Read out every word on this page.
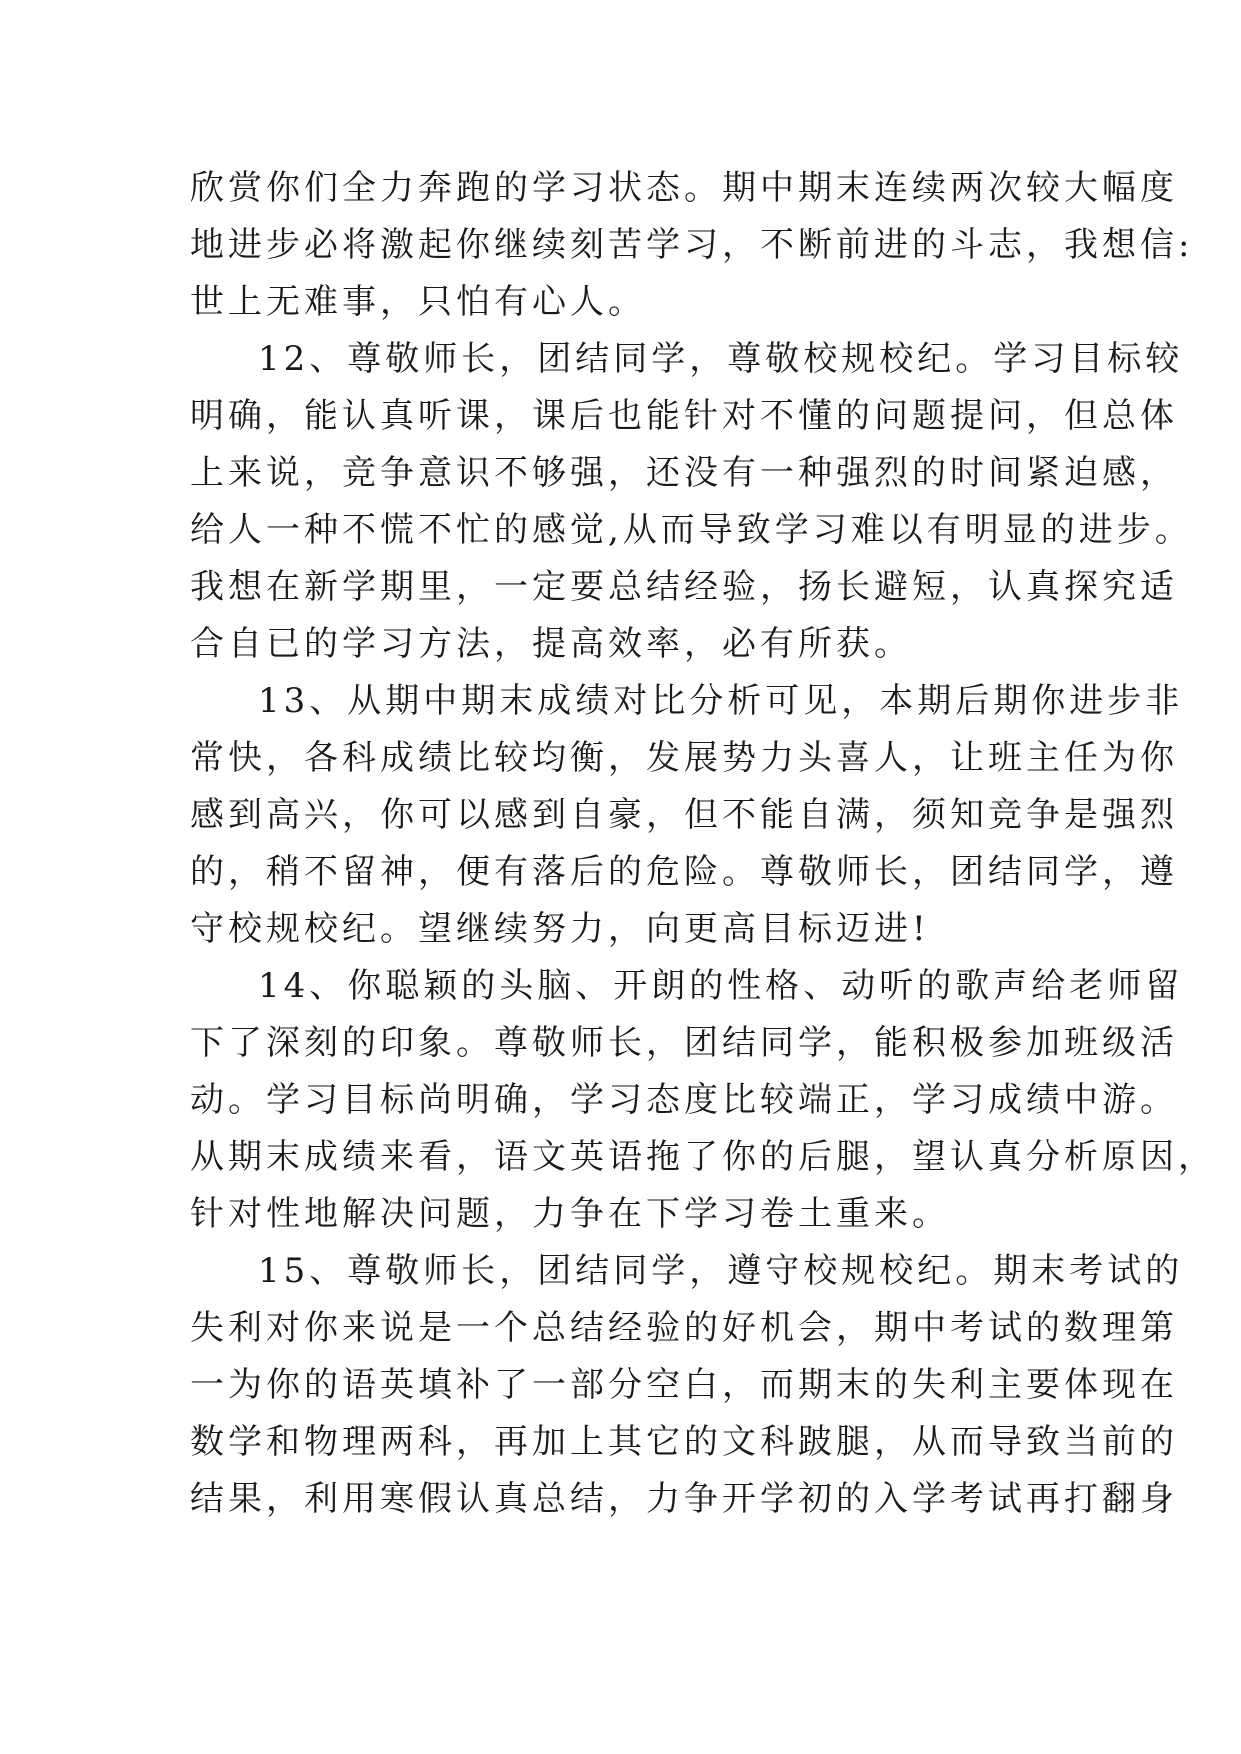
欣赏你们全力奔跑的学习状态。期中期末连续两次较大幅度
地进步必将激起你继续刻苦学习，不断前进的斗志，我想信:
世上无难事，只怕有心人。
12、尊敬师长，团结同学，尊敬校规校纪。学习目标较
明确，能认真听课，课后也能针对不懂的问题提问，但总体
上来说，竞争意识不够强，还没有一种强烈的时间紧迫感，
给人一种不慌不忙的感觉,从而导致学习难以有明显的进步。
我想在新学期里，一定要总结经验，扬长避短，认真探究适
合自已的学习方法，提高效率，必有所获。
13、从期中期末成绩对比分析可见，本期后期你进步非
常快，各科成绩比较均衡，发展势力头喜人，让班主任为你
感到高兴，你可以感到自豪，但不能自满，须知竞争是强烈
的，稍不留神，便有落后的危险。尊敬师长，团结同学，遵
守校规校纪。望继续努力，向更高目标迈进!
14、你聪颖的头脑、开朗的性格、动听的歌声给老师留
下了深刻的印象。尊敬师长，团结同学，能积极参加班级活
动。学习目标尚明确，学习态度比较端正，学习成绩中游。
从期末成绩来看，语文英语拖了你的后腿，望认真分析原因，
针对性地解决问题，力争在下学习卷土重来。
15、尊敬师长，团结同学，遵守校规校纪。期末考试的
失利对你来说是一个总结经验的好机会，期中考试的数理第
一为你的语英填补了一部分空白，而期末的失利主要体现在
数学和物理两科，再加上其它的文科跛腿，从而导致当前的
结果，利用寒假认真总结，力争开学初的入学考试再打翻身
